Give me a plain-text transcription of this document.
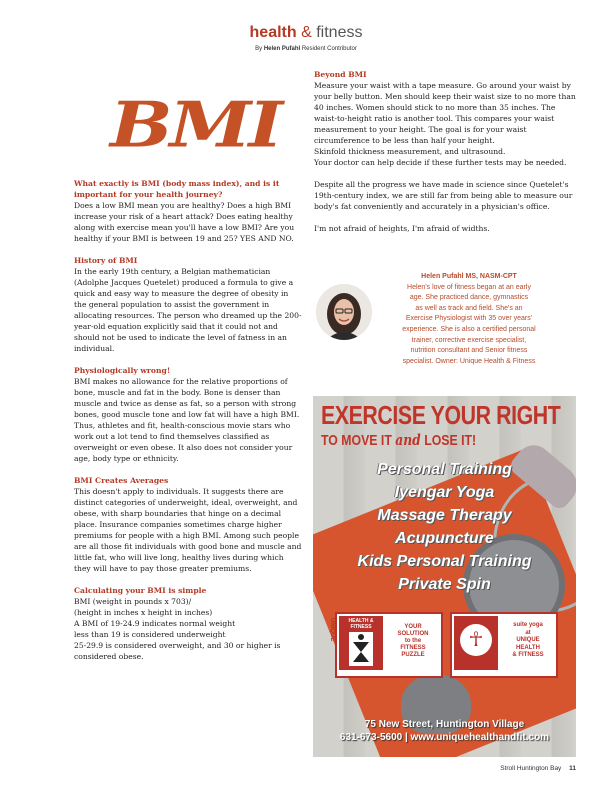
health & fitness
By Helen Pufahl Resident Contributor
BMI
What exactly is BMI (body mass index), and is it important for your health journey?

Does a low BMI mean you are healthy? Does a high BMI increase your risk of a heart attack? Does eating healthy along with exercise mean you'll have a low BMI? Are you healthy if your BMI is between 19 and 25? YES AND NO.

History of BMI

In the early 19th century, a Belgian mathematician (Adolphe Jacques Quetelet) produced a formula to give a quick and easy way to measure the degree of obesity in the general population to assist the government in allocating resources. The person who dreamed up the 200-year-old equation explicitly said that it could not and should not be used to indicate the level of fatness in an individual.

Physiologically wrong!

BMI makes no allowance for the relative proportions of bone, muscle and fat in the body. Bone is denser than muscle and twice as dense as fat, so a person with strong bones, good muscle tone and low fat will have a high BMI. Thus, athletes and fit, health-conscious movie stars who work out a lot tend to find themselves classified as overweight or even obese. It also does not consider your age, body type or ethnicity.

BMI Creates Averages

This doesn't apply to individuals. It suggests there are distinct categories of underweight, ideal, overweight, and obese, with sharp boundaries that hinge on a decimal place. Insurance companies sometimes charge higher premiums for people with a high BMI. Among such people are all those fit individuals with good bone and muscle and little fat, who will live long, healthy lives during which they will have to pay those greater premiums.

Calculating your BMI is simple

BMI (weight in pounds x 703)/

(height in inches x height in inches)

A BMI of 19-24.9 indicates normal weight

less than 19 is considered underweight

25-29.9 is considered overweight, and 30 or higher is considered obese.

Beyond BMI

Measure your waist with a tape measure. Go around your waist by your belly button. Men should keep their waist size to no more than 40 inches. Women should stick to no more than 35 inches. The waist-to-height ratio is another tool. This compares your waist measurement to your height. The goal is for your waist circumference to be less than half your height.

Skinfold thickness measurement, and ultrasound.

Your doctor can help decide if these further tests may be needed.

Despite all the progress we have made in science since Quetelet's 19th-century index, we are still far from being able to measure our body's fat conveniently and accurately in a physician's office.

I'm not afraid of heights, I'm afraid of widths.

Helen Pufahl MS, NASM-CPT
Helen's love of fitness began at an early
age. She practiced dance, gymnastics
as well as track and field. She's an
Exercise Physiologist with 35 over years'
experience. She is also a certified personal
trainer, corrective exercise specialist,
nutrition consultant and Senior fitness
specialist. Owner: Unique Health & Fitness
EXERCISE YOUR RIGHT
TO MOVE IT and LOSE IT!
Personal Training
Iyengar Yoga
Massage Therapy
Acupuncture
Kids Personal Training
Private Spin
HEALTH & FITNESS
UNIQUE	YOUR
SOLUTION
to the
FITNESS
PUZZLE
☥
suite yoga
at
UNIQUE
HEALTH
& FITNESS
75 New Street, Huntington Village
631-673-5600 | www.uniquehealthandfit.com
Stroll Huntington Bay 11
